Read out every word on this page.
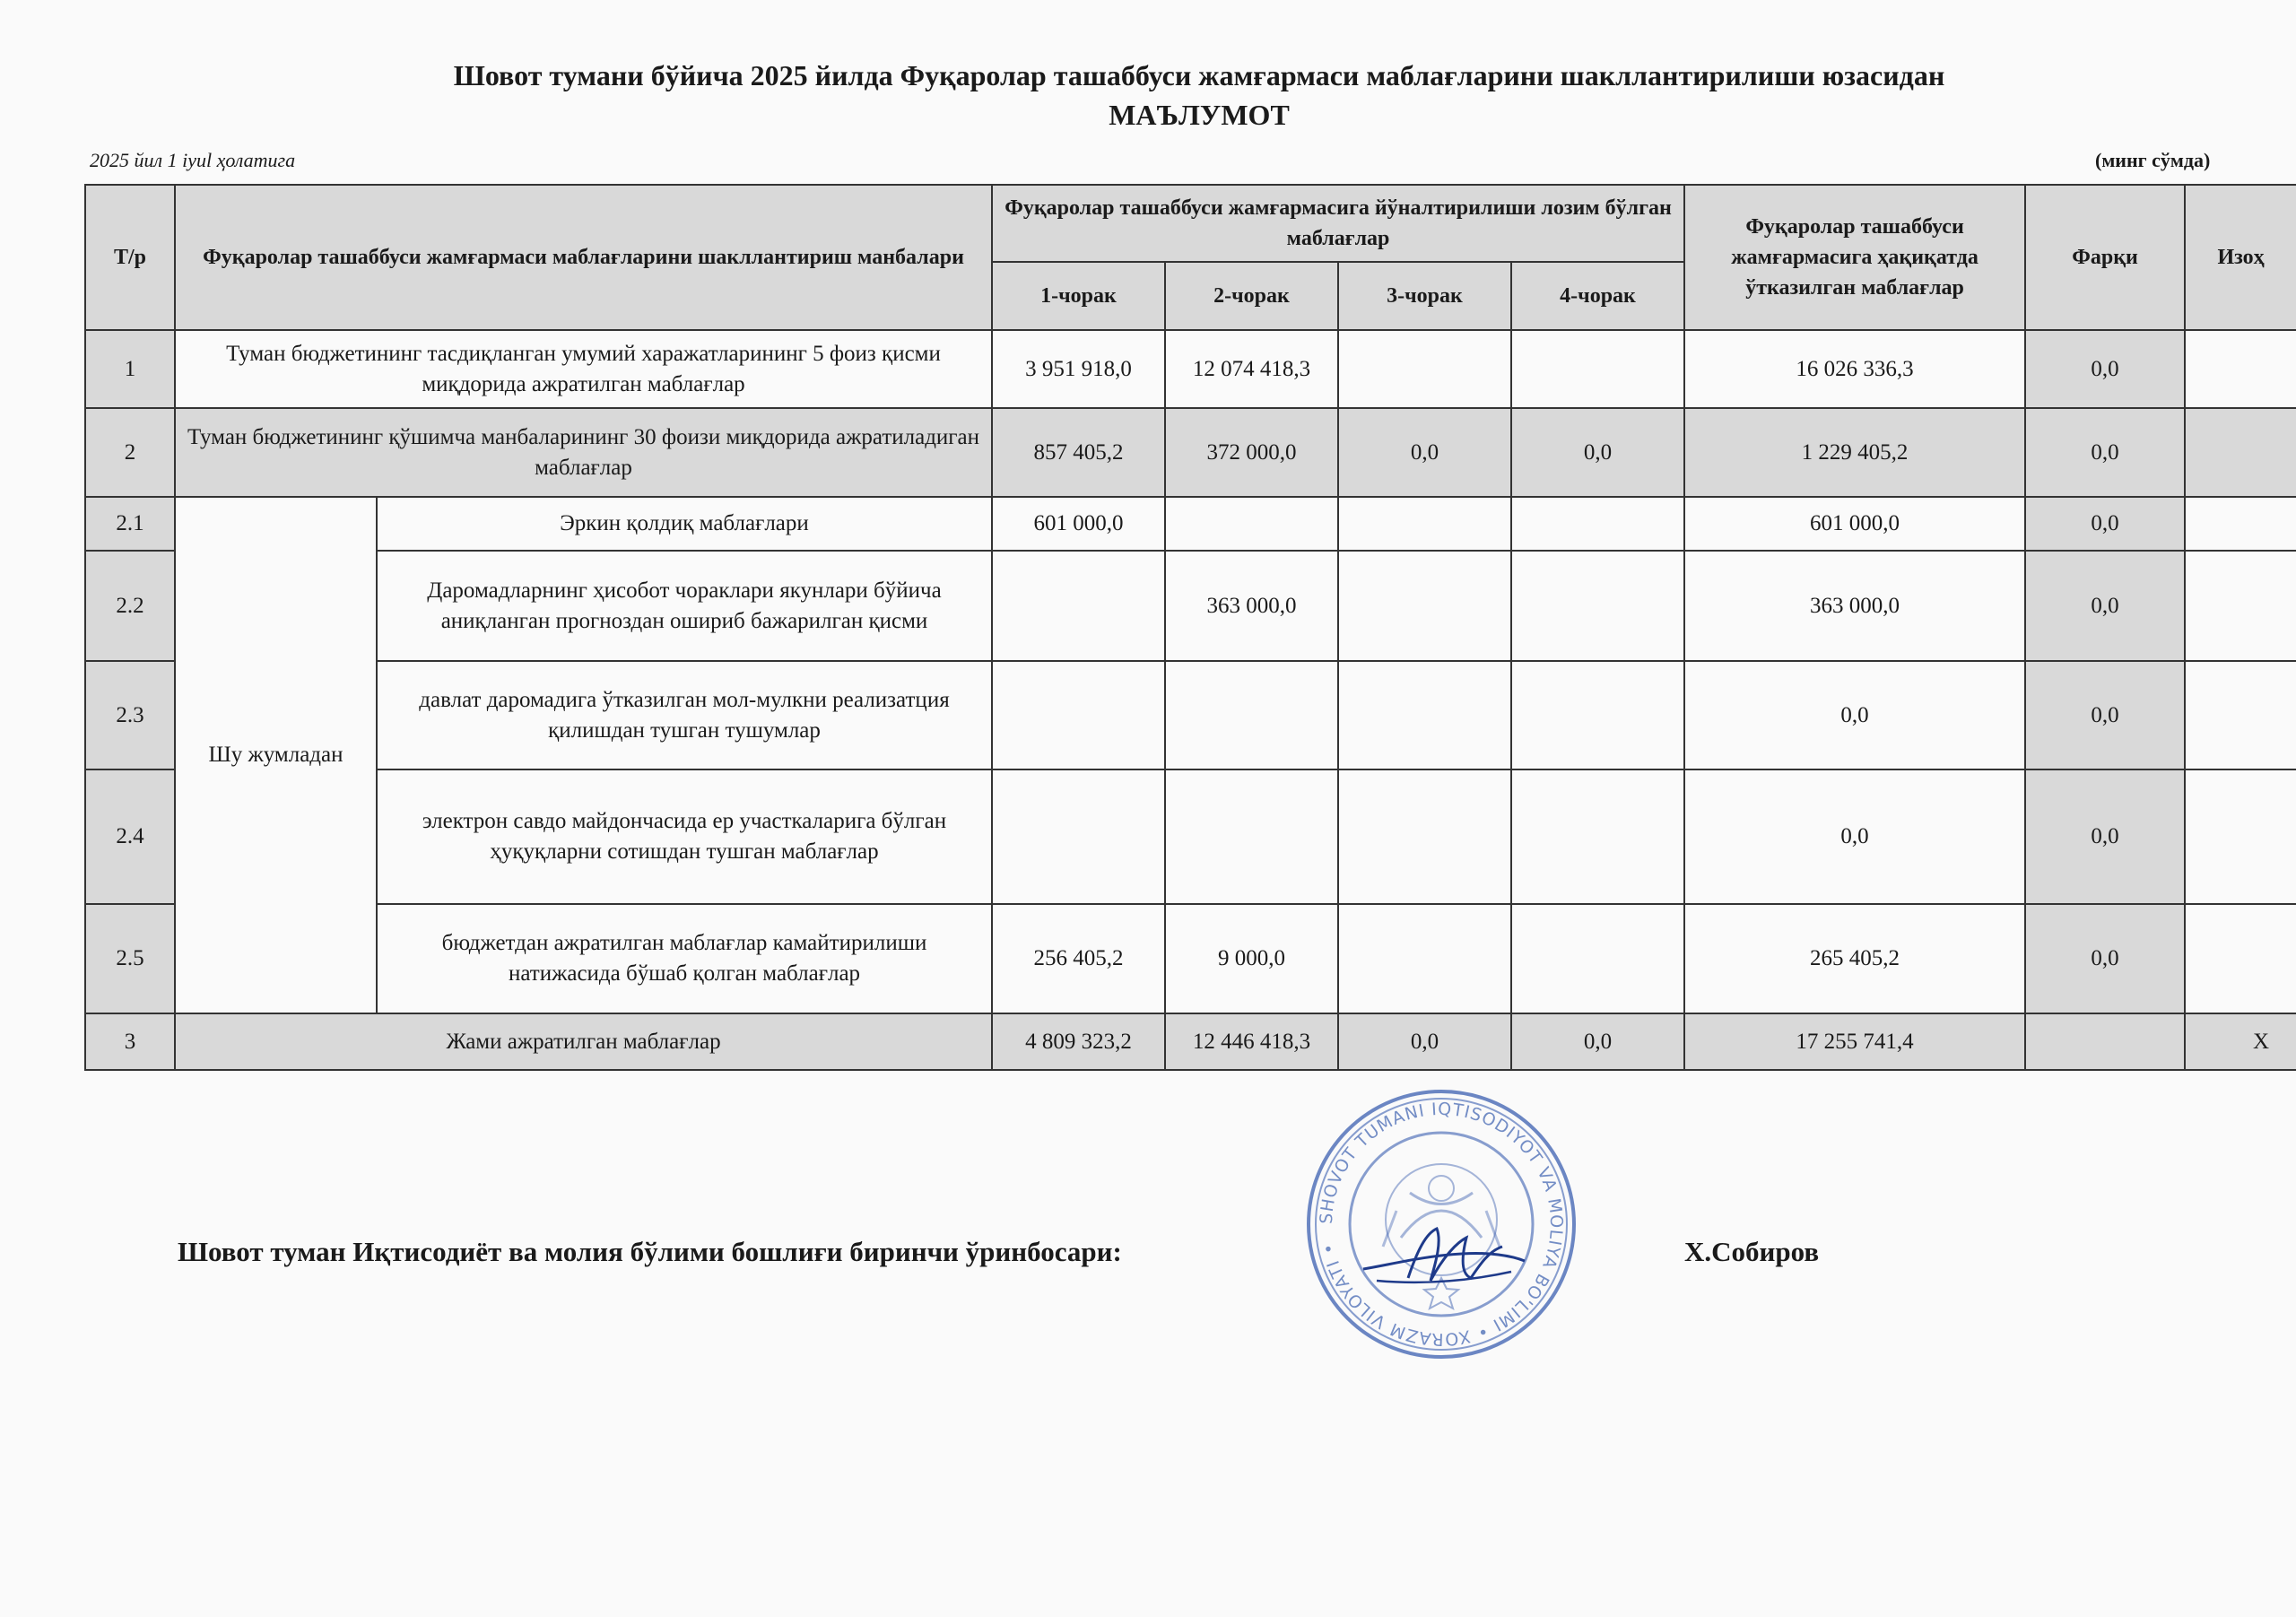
Шовот тумани бўйича 2025 йилда Фуқаролар ташаббуси жамғармаси маблағларини шакллантирилиши юзасидан
МАЪЛУМОТ
2025 йил 1 iyul ҳолатига	(минг сўмда)
Т/р	Фуқаролар ташаббуси жамғармаси маблағларини шакллантириш манбалари		Фуқаролар ташаббуси жамғармасига йўналтирилиши лозим бўлган маблағлар				Фуқаролар ташаббуси жамғармасига ҳақиқатда ўтказилган маблағлар	Фарқи	Изоҳ
			1-чорак	2-чорак	3-чорак	4-чорак			
1	Туман бюджетининг тасдиқланган умумий харажатларининг 5 фоиз қисми миқдорида ажратилган маблағлар		3 951 918,0	12 074 418,3			16 026 336,3	0,0	
2	Туман бюджетининг қўшимча манбаларининг 30 фоизи миқдорида ажратиладиган маблағлар		857 405,2	372 000,0	0,0	0,0	1 229 405,2	0,0	
2.1	Шу жумладан	Эркин қолдиқ маблағлари	601 000,0				601 000,0	0,0	
2.2		Даромадларнинг ҳисобот чораклари якунлари бўйича аниқланган прогноздан ошириб бажарилган қисми		363 000,0			363 000,0	0,0	
2.3		давлат даромадига ўтказилган мол-мулкни реализатция қилишдан тушган тушумлар					0,0	0,0	
2.4		электрон савдо майдончасида ер участкаларига бўлган ҳуқуқларни сотишдан тушган маблағлар					0,0	0,0	
2.5		бюджетдан ажратилган маблағлар камайтирилиши натижасида бўшаб қолган маблағлар	256 405,2	9 000,0			265 405,2	0,0	
3	Жами ажратилган маблағлар		4 809 323,2	12 446 418,3	0,0	0,0	17 255 741,4		Х
Шовот туман Иқтисодиёт ва молия бўлими бошлиғи биринчи ўринбосари:	Х.Собиров
SHOVOT TUMANI IQTISODIYOT VA MOLIYA BO'LIMI • XORAZM VILOYATI •
